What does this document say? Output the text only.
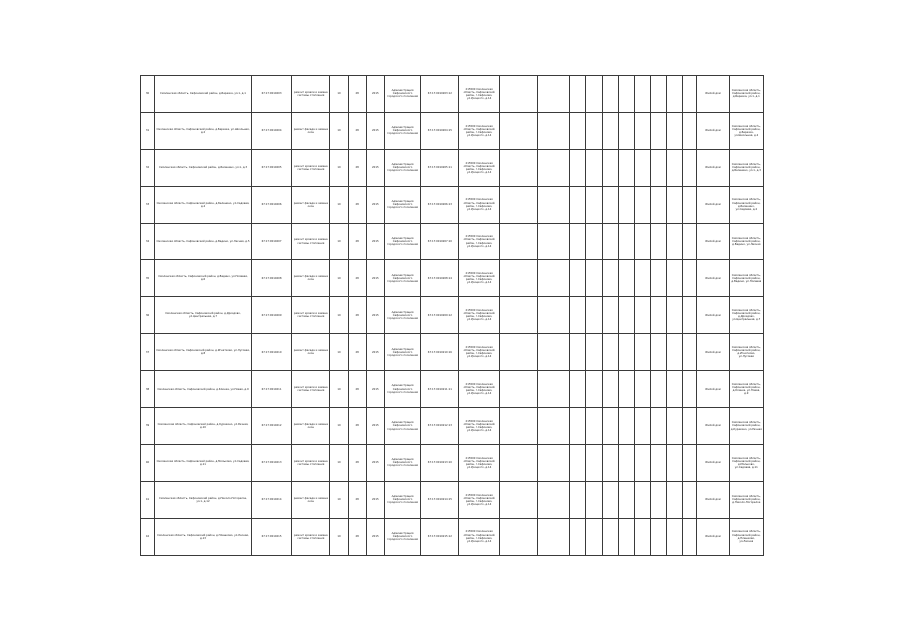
30	Смоленская область, Сафоновский район, д.Березка, ул.1, д.1	67:17:0010203	ремонт кровли и замена системы отопления	10	28	2015	Администрация Сафоновского городского поселения	67:17:0010203:12	215500 Смоленская область, Сафоновский район, г.Сафоново, ул.Урицкого, д.14											Жилой дом	Смоленская область, Сафоновский район, д.Березка, ул.1, д.1
31	Смоленская область, Сафоновский район, д.Березка, ул.Школьная, д.2	67:17:0010204	ремонт фасада и замена окон	10	28	2015	Администрация Сафоновского городского поселения	67:17:0010204:15	215500 Смоленская область, Сафоновский район, г.Сафоново, ул.Урицкого, д.14											Жилой дом	Смоленская область, Сафоновский район, д.Березка, ул.Школьная, д.2
32	Смоленская область, Сафоновский район, д.Беленино, ул.1, д.3	67:17:0010205	ремонт кровли и замена системы отопления	10	28	2015	Администрация Сафоновского городского поселения	67:17:0010205:11	215500 Смоленская область, Сафоновский район, г.Сафоново, ул.Урицкого, д.14											Жилой дом	Смоленская область, Сафоновский район, д.Беленино, ул.1, д.3
33	Смоленская область, Сафоновский район, д.Беленино, ул.Садовая, д.4	67:17:0010206	ремонт фасада и замена окон	10	28	2015	Администрация Сафоновского городского поселения	67:17:0010206:13	215500 Смоленская область, Сафоновский район, г.Сафоново, ул.Урицкого, д.14											Жилой дом	Смоленская область, Сафоновский район, д.Беленино, ул.Садовая, д.4
34	Смоленская область, Сафоновский район, д.Вадино, ул.Лесная, д.5	67:17:0010207	ремонт кровли и замена системы отопления	10	28	2015	Администрация Сафоновского городского поселения	67:17:0010207:10	215500 Смоленская область, Сафоновский район, г.Сафоново, ул.Урицкого, д.14											Жилой дом	Смоленская область, Сафоновский район, д.Вадино, ул.Лесная
35	Смоленская область, Сафоновский район, д.Вадино, ул.Полевая, д.6	67:17:0010208	ремонт фасада и замена окон	10	28	2015	Администрация Сафоновского городского поселения	67:17:0010208:14	215500 Смоленская область, Сафоновский район, г.Сафоново, ул.Урицкого, д.14											Жилой дом	Смоленская область, Сафоновский район, д.Вадино, ул.Полевая
36	Смоленская область, Сафоновский район, д.Дроздово, ул.Центральная, д.7	67:17:0010209	ремонт кровли и замена системы отопления	10	28	2015	Администрация Сафоновского городского поселения	67:17:0010209:12	215500 Смоленская область, Сафоновский район, г.Сафоново, ул.Урицкого, д.14											Жилой дом	Смоленская область, Сафоновский район, д.Дроздово, ул.Центральная, д.7
37	Смоленская область, Сафоновский район, д.Игнатково, ул.Луговая, д.8	67:17:0010210	ремонт фасада и замена окон	10	28	2015	Администрация Сафоновского городского поселения	67:17:0010210:16	215500 Смоленская область, Сафоновский район, г.Сафоново, ул.Урицкого, д.14											Жилой дом	Смоленская область, Сафоновский район, д.Игнатково, ул.Луговая
38	Смоленская область, Сафоновский район, д.Клинка, ул.Новая, д.9	67:17:0010211	ремонт кровли и замена системы отопления	10	28	2015	Администрация Сафоновского городского поселения	67:17:0010211:11	215500 Смоленская область, Сафоновский район, г.Сафоново, ул.Урицкого, д.14											Жилой дом	Смоленская область, Сафоновский район, д.Клинка, ул.Новая, д.9
39	Смоленская область, Сафоновский район, д.Куракино, ул.Речная, д.10	67:17:0010212	ремонт фасада и замена окон	10	28	2015	Администрация Сафоновского городского поселения	67:17:0010212:13	215500 Смоленская область, Сафоновский район, г.Сафоново, ул.Урицкого, д.14											Жилой дом	Смоленская область, Сафоновский район, д.Куракино, ул.Речная
40	Смоленская область, Сафоновский район, д.Мольково, ул.Садовая, д.11	67:17:0010213	ремонт кровли и замена системы отопления	10	28	2015	Администрация Сафоновского городского поселения	67:17:0010213:10	215500 Смоленская область, Сафоновский район, г.Сафоново, ул.Урицкого, д.14											Жилой дом	Смоленская область, Сафоновский район, д.Мольково, ул.Садовая, д.11
41	Смоленская область, Сафоновский район, д.Николо-Погорелое, ул.1, д.12	67:17:0010214	ремонт фасада и замена окон	10	28	2015	Администрация Сафоновского городского поселения	67:17:0010214:15	215500 Смоленская область, Сафоновский район, г.Сафоново, ул.Урицкого, д.14											Жилой дом	Смоленская область, Сафоновский район, д.Николо-Погорелое
42	Смоленская область, Сафоновский район, д.Плешково, ул.Лесная, д.13	67:17:0010215	ремонт кровли и замена системы отопления	10	28	2015	Администрация Сафоновского городского поселения	67:17:0010215:12	215500 Смоленская область, Сафоновский район, г.Сафоново, ул.Урицкого, д.14											Жилой дом	Смоленская область, Сафоновский район, д.Плешково, ул.Лесная
